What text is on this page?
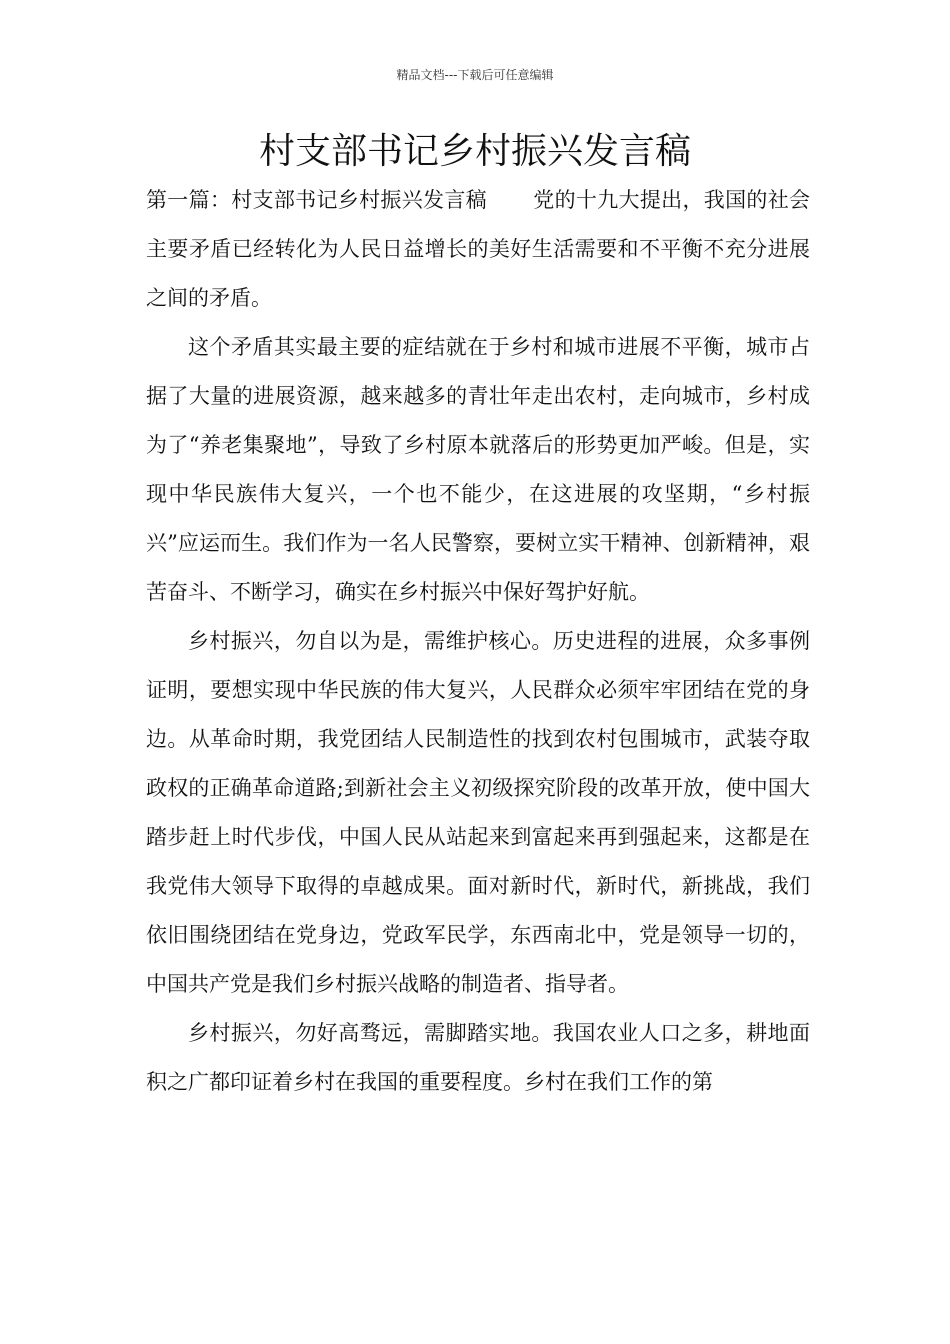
精品文档---下载后可任意编辑
村支部书记乡村振兴发言稿

第一篇：村支部书记乡村振兴发言稿 党的十九大提出，我国的社会主要矛盾已经转化为人民日益增长的美好生活需要和不平衡不充分进展之间的矛盾。

这个矛盾其实最主要的症结就在于乡村和城市进展不平衡，城市占据了大量的进展资源，越来越多的青壮年走出农村，走向城市，乡村成为了“养老集聚地”，导致了乡村原本就落后的形势更加严峻。但是，实现中华民族伟大复兴，一个也不能少，在这进展的攻坚期，“乡村振兴”应运而生。我们作为一名人民警察，要树立实干精神、创新精神，艰苦奋斗、不断学习，确实在乡村振兴中保好驾护好航。

乡村振兴，勿自以为是，需维护核心。历史进程的进展，众多事例证明，要想实现中华民族的伟大复兴，人民群众必须牢牢团结在党的身边。从革命时期，我党团结人民制造性的找到农村包围城市，武装夺取政权的正确革命道路;到新社会主义初级探究阶段的改革开放，使中国大踏步赶上时代步伐，中国人民从站起来到富起来再到强起来，这都是在我党伟大领导下取得的卓越成果。面对新时代，新时代，新挑战，我们依旧围绕团结在党身边，党政军民学，东西南北中，党是领导一切的，中国共产党是我们乡村振兴战略的制造者、指导者。

乡村振兴，勿好高骛远，需脚踏实地。我国农业人口之多，耕地面积之广都印证着乡村在我国的重要程度。乡村在我们工作的第
